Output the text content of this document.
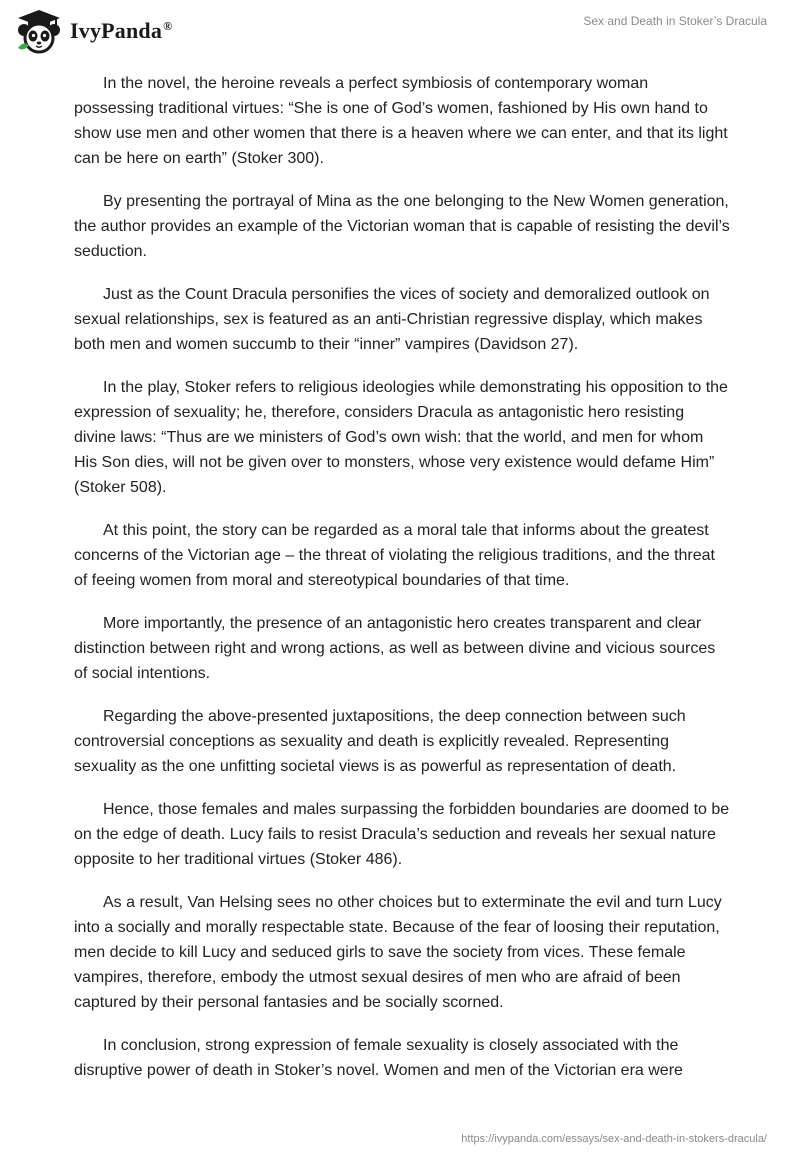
IvyPanda®	Sex and Death in Stoker’s Dracula

In the novel, the heroine reveals a perfect symbiosis of contemporary woman possessing traditional virtues: “She is one of God’s women, fashioned by His own hand to show use men and other women that there is a heaven where we can enter, and that its light can be here on earth” (Stoker 300).

By presenting the portrayal of Mina as the one belonging to the New Women generation, the author provides an example of the Victorian woman that is capable of resisting the devil’s seduction.

Just as the Count Dracula personifies the vices of society and demoralized outlook on sexual relationships, sex is featured as an anti-Christian regressive display, which makes both men and women succumb to their “inner” vampires (Davidson 27).

In the play, Stoker refers to religious ideologies while demonstrating his opposition to the expression of sexuality; he, therefore, considers Dracula as antagonistic hero resisting divine laws: “Thus are we ministers of God’s own wish: that the world, and men for whom His Son dies, will not be given over to monsters, whose very existence would defame Him” (Stoker 508).

At this point, the story can be regarded as a moral tale that informs about the greatest concerns of the Victorian age – the threat of violating the religious traditions, and the threat of feeing women from moral and stereotypical boundaries of that time.

More importantly, the presence of an antagonistic hero creates transparent and clear distinction between right and wrong actions, as well as between divine and vicious sources of social intentions.

Regarding the above-presented juxtapositions, the deep connection between such controversial conceptions as sexuality and death is explicitly revealed. Representing sexuality as the one unfitting societal views is as powerful as representation of death.

Hence, those females and males surpassing the forbidden boundaries are doomed to be on the edge of death. Lucy fails to resist Dracula’s seduction and reveals her sexual nature opposite to her traditional virtues (Stoker 486).

As a result, Van Helsing sees no other choices but to exterminate the evil and turn Lucy into a socially and morally respectable state. Because of the fear of loosing their reputation, men decide to kill Lucy and seduced girls to save the society from vices. These female vampires, therefore, embody the utmost sexual desires of men who are afraid of been captured by their personal fantasies and be socially scorned.

In conclusion, strong expression of female sexuality is closely associated with the disruptive power of death in Stoker’s novel. Women and men of the Victorian era were

https://ivypanda.com/essays/sex-and-death-in-stokers-dracula/
